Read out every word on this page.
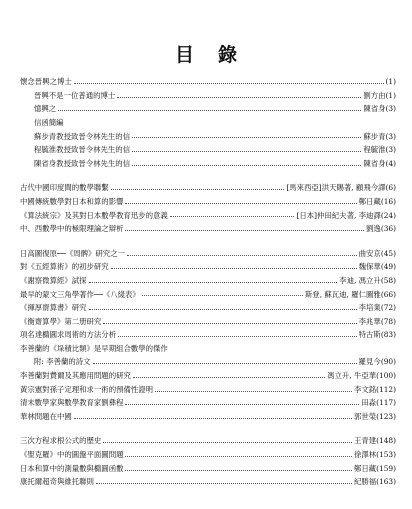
目錄
懷念晉興之博士	(1)
晉興不是一位普通的博士	劉方由 (1)
憶興之	陳省身 (3)
信函簡編
蘇步青教授致晉令林先生的信	蘇步青 (3)
程毓淮教授致晉令林先生的信	程毓淮 (3)
陳省身教授致晉令林先生的信	陳省身 (4)
古代中國印度間的數學聯繫	[馬來西亞]洪天賜著, 顧飛今譯 (6)
中國傳統數學對日本和算的影響	鄭日藏 (16)
《算法統宗》及其對日本數學教育迅步的意義	[日本]仲田紀夫著, 李迪譯 (24)
中、西數學中的極限理論之辯析	劉逸 (36)
日高圖復原──《周髀》研究之一	曲安京 (45)
對《五經算術》的初步研究	魏保華 (49)
《謝察微算經》試探	李迪, 馮立升 (58)
最早的蒙文三角學著作──《八綫表》	斯登, 蘇瓦迪, 羅仁圖雅 (66)
《揮厚齋算書》研究	李培業 (72)
《衡齋算學》第二册研究	李兆華 (78)
項名達橢圓求周術的方法分析	特古斯 (83)
李善蘭的《垛積比類》是早期組合數學的傑作
附: 李善蘭的詩文	羅見今 (90)
李善蘭對費爾及其應用問題的研究	馮立升, 牛亞華 (100)
黃宗憲對孫子定理和求一術的預備性證明	李文銘 (112)
清末數學家與數學教育家劉彝程	田淼 (117)
華林問題在中國	郭世榮 (123)
三次方程求根公式的歷史	王青建 (148)
《聖克羅》中的圓盤平面圖問題	徐澤林 (153)
日本和算中的測量數與橢圓函數	鄭日藏 (159)
康托爾超奇與維托聯則	紀勝福 (163)
